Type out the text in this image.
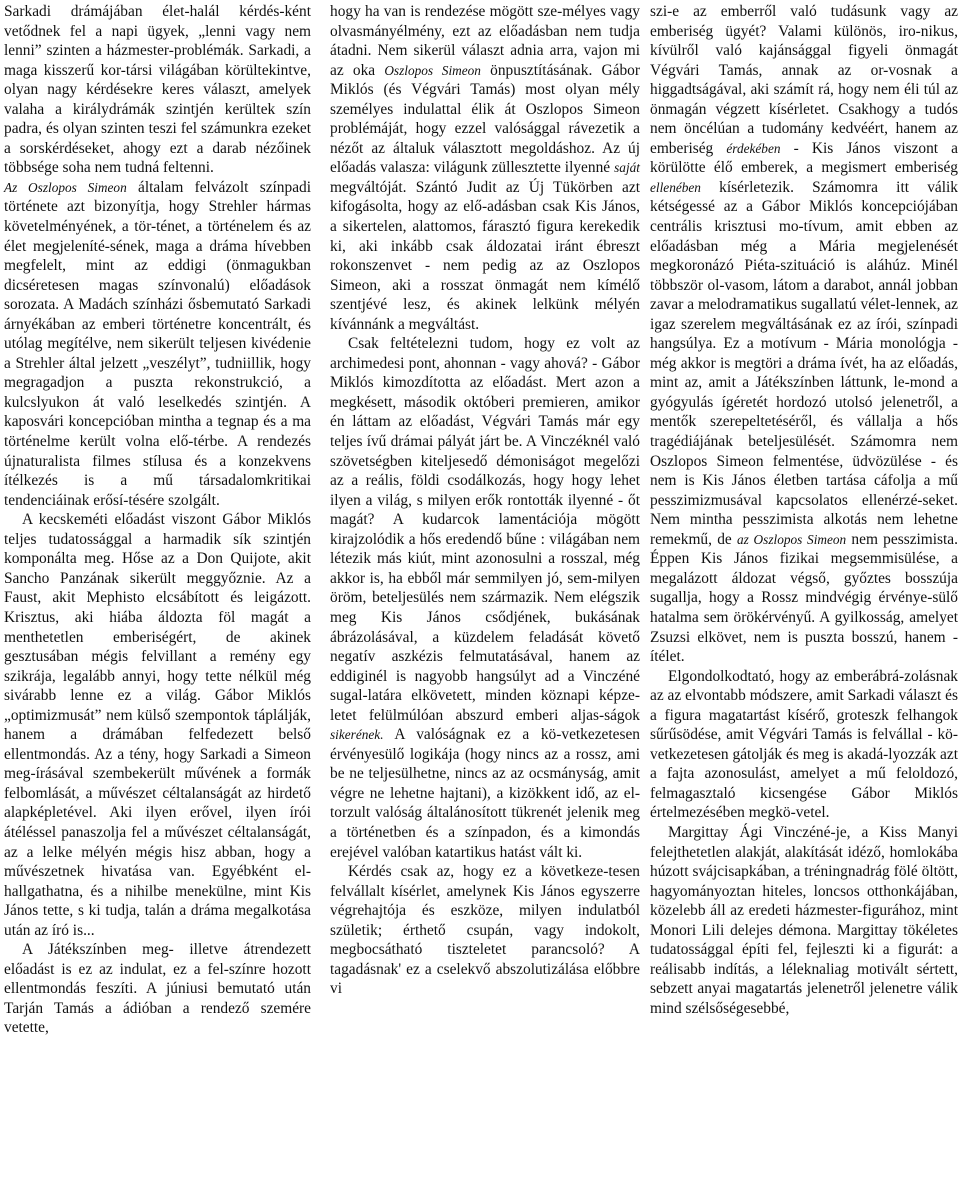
Sarkadi drámájában élet-halál kérdés-ként vetődnek fel a napi ügyek, „lenni vagy nem lenni” szinten a házmester-problémák. Sarkadi, a maga kisszerű kor-társi világában körültekintve, olyan nagy kérdésekre keres választ, amelyek valaha a királydrámák szintjén kerültek szín padra, és olyan szinten teszi fel számunkra ezeket a sorskérdéseket, ahogy ezt a darab nézőinek többsége soha nem tudná feltenni.

Az Oszlopos Simeon általam felvázolt színpadi története azt bizonyítja, hogy Strehler hármas követelményének, a tör-ténet, a történelem és az élet megjeleníté-sének, maga a dráma hívebben megfelelt, mint az eddigi (önmagukban dicséretesen magas színvonalú) előadások sorozata. A Madách színházi ősbemutató Sarkadi árnyékában az emberi történetre koncentrált, és utólag megítélve, nem sikerült teljesen kivédenie a Strehler által jelzett „veszélyt”, tudniillik, hogy megragadjon a puszta rekonstrukció, a kulcslyukon át való leselkedés szintjén. A kaposvári koncepcióban mintha a tegnap és a ma történelme került volna elő-térbe. A rendezés újnaturalista filmes stílusa és a konzekvens ítélkezés is a mű társadalomkritikai tendenciáinak erősí-tésére szolgált.

A kecskeméti előadást viszont Gábor Miklós teljes tudatossággal a harmadik sík szintjén komponálta meg. Hőse az a Don Quijote, akit Sancho Panzának sikerült meggyőznie. Az a Faust, akit Mephisto elcsábított és leigázott. Krisztus, aki hiába áldozta föl magát a menthetetlen emberiségért, de akinek gesztusában mégis felvillant a remény egy szikrája, legalább annyi, hogy tette nélkül még sivárabb lenne ez a világ. Gábor Miklós „optimizmusát” nem külső szempontok táplálják, hanem a drámában felfedezett belső ellentmondás. Az a tény, hogy Sarkadi a Simeon meg-írásával szembekerült művének a formák felbomlását, a művészet céltalanságát az hirdető alapképletével. Aki ilyen erővel, ilyen írói átéléssel panaszolja fel a művészet céltalanságát, az a lelke mélyén mégis hisz abban, hogy a művészetnek hivatása van. Egyébként el-hallgathatna, és a nihilbe menekülne, mint Kis János tette, s ki tudja, talán a dráma megalkotása után az író is...

A Játékszínben meg- illetve átrendezett előadást is ez az indulat, ez a fel-színre hozott ellentmondás feszíti. A júniusi bemutató után Tarján Tamás a ádióban a rendező szemére vetette,

hogy ha van is rendezése mögött sze-mélyes vagy olvasmányélmény, ezt az előadásban nem tudja átadni. Nem sikerül választ adnia arra, vajon mi az oka Oszlopos Simeon önpusztításának. Gábor Miklós (és Végvári Tamás) most olyan mély személyes indulattal élik át Oszlopos Simeon problémáját, hogy ezzel valósággal rávezetik a nézőt az általuk választott megoldáshoz. Az új előadás valasza: világunk züllesztette ilyenné saját megváltóját. Szántó Judit az Új Tükörben azt kifogásolta, hogy az elő-adásban csak Kis János, a sikertelen, alattomos, fárasztó figura kerekedik ki, aki inkább csak áldozatai iránt ébreszt rokonszenvet - nem pedig az az Oszlopos Simeon, aki a rosszat önmagát nem kímélő szentjévé lesz, és akinek lelkünk mélyén kívánnánk a megváltást.

Csak feltételezni tudom, hogy ez volt az archimedesi pont, ahonnan - vagy ahová? - Gábor Miklós kimozdította az előadást. Mert azon a megkésett, második októberi premieren, amikor én láttam az előadást, Végvári Tamás már egy teljes ívű drámai pályát járt be. A Vinczéknél való szövetségben kiteljesedő démoniságot megelőzi az a reális, földi csodálkozás, hogy hogy lehet ilyen a világ, s milyen erők rontották ilyenné - őt magát? A kudarcok lamentációja mögött kirajzolódik a hős eredendő bűne : világában nem létezik más kiút, mint azonosulni a rosszal, még akkor is, ha ebből már semmilyen jó, sem-milyen öröm, beteljesülés nem származik. Nem elégszik meg Kis János csődjének, bukásának ábrázolásával, a küzdelem feladását követő negatív aszkézis felmutatásával, hanem az eddiginél is nagyobb hangsúlyt ad a Vinczéné sugal-latára elkövetett, minden köznapi képze-letet felülmúlóan abszurd emberi aljas-ságok sikerének. A valóságnak ez a kö-vetkezetesen érvényesülő logikája (hogy nincs az a rossz, ami be ne teljesülhetne, nincs az az ocsmányság, amit végre ne lehetne hajtani), a kizökkent idő, az el-torzult valóság általánosított tükrenét jelenik meg a történetben és a színpadon, és a kimondás erejével valóban katartikus hatást vált ki.

Kérdés csak az, hogy ez a következe-tesen felvállalt kísérlet, amelynek Kis János egyszerre végrehajtója és eszköze, milyen indulatból születik; érthető csupán, vagy indokolt, megbocsátható tiszteletet parancsoló? A tagadásnak' ez a cselekvő abszolutizálása előbbre vi

szi-e az emberről való tudásunk vagy az emberiség ügyét? Valami különös, iro-nikus, kívülről való kajánsággal figyeli önmagát Végvári Tamás, annak az or-vosnak a higgadtságával, aki számít rá, hogy nem éli túl az önmagán végzett kísérletet. Csakhogy a tudós nem öncélúan a tudomány kedvéért, hanem az emberiség érdekében - Kis János viszont a körülötte élő emberek, a megismert emberiség ellenében kísérletezik. Számomra itt válik kétségessé az a Gábor Miklós koncepciójában centrális krisztusi mo-tívum, amit ebben az előadásban még a Mária megjelenését megkoronázó Piéta-szituáció is aláhúz. Minél többször ol-vasom, látom a darabot, annál jobban zavar a melodramatikus sugallatú vélet-lennek, az igaz szerelem megváltásának ez az írói, színpadi hangsúlya. Ez a motívum - Mária monológja - még akkor is megtöri a dráma ívét, ha az előadás, mint az, amit a Játékszínben láttunk, le-mond a gyógyulás ígéretét hordozó utolsó jelenetről, a mentők szerepeltetéséről, és vállalja a hős tragédiájának beteljesülését. Számomra nem Oszlopos Simeon felmentése, üdvözülése - és nem is Kis János életben tartása cáfolja a mű pesszimizmusával kapcsolatos ellenérzé-seket. Nem mintha pesszimista alkotás nem lehetne remekmű, de az Oszlopos Simeon nem pesszimista. Éppen Kis János fizikai megsemmisülése, a megalázott áldozat végső, győztes bosszúja sugallja, hogy a Rossz mindvégig érvénye-sülő hatalma sem örökérvényű. A gyilkosság, amelyet Zsuzsi elkövet, nem is puszta bosszú, hanem - ítélet.

Elgondolkodtató, hogy az emberábrá-zolásnak az az elvontabb módszere, amit Sarkadi választ és a figura magatartást kísérő, groteszk felhangok sűrűsödése, amit Végvári Tamás is felvállal - kö-vetkezetesen gátolják és meg is akadá-lyozzák azt a fajta azonosulást, amelyet a mű feloldozó, felmagasztaló kicsengése Gábor Miklós értelmezésében megkö-vetel.

Margittay Ági Vinczéné-je, a Kiss Manyi felejthetetlen alakját, alakítását idéző, homlokába húzott svájcisapkában, a tréningnadrág fölé öltött, hagyományoztan hiteles, loncsos otthonkájában, közelebb áll az eredeti házmester-figurához, mint Monori Lili delejes démona. Margittay tökéletes tudatossággal építi fel, fejleszti ki a figurát: a reálisabb indítás, a léleknaliag motivált sértett, sebzett anyai magatartás jelenetről jelenetre válik mind szélsőségesebbé,
